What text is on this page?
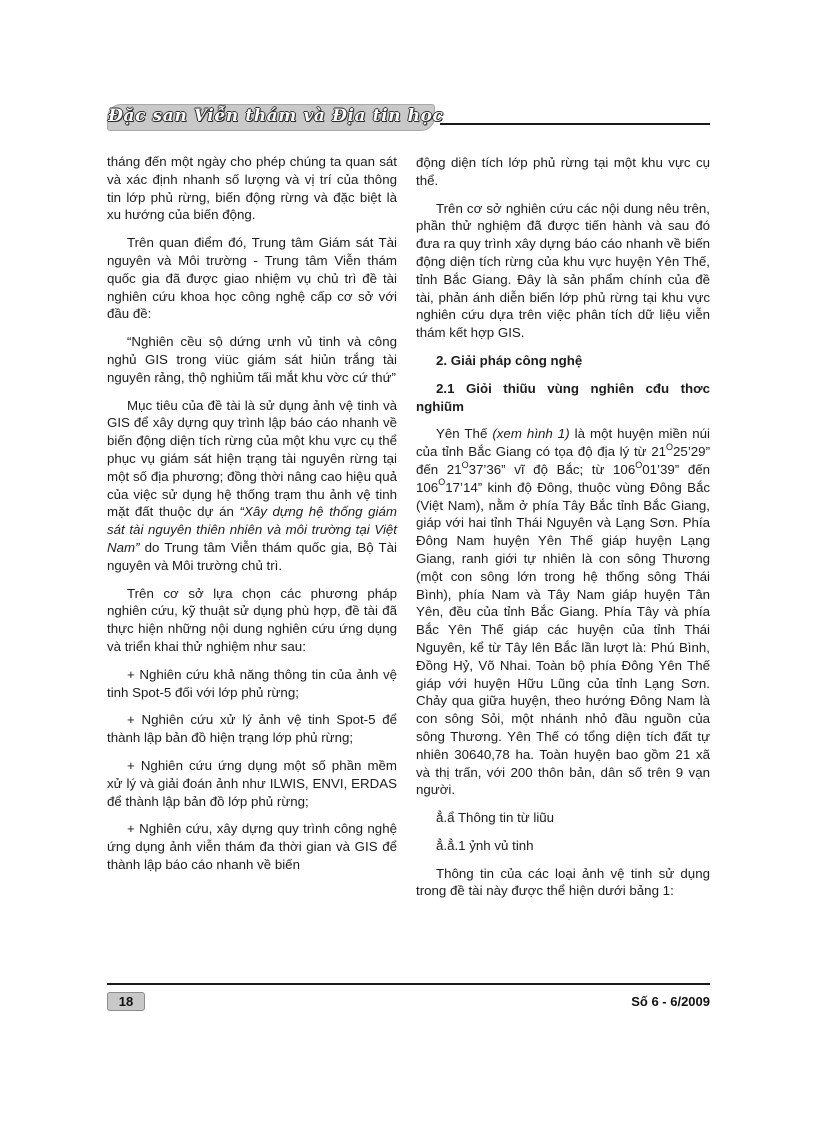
Đặc san Viễn thám và Địa tin học

tháng đến một ngày cho phép chúng ta quan sát và xác định nhanh số lượng và vị trí của thông tin lớp phủ rừng, biến động rừng và đặc biệt là xu hướng của biến động.

Trên quan điểm đó, Trung tâm Giám sát Tài nguyên và Môi trường - Trung tâm Viễn thám quốc gia đã được giao nhiệm vụ chủ trì đề tài nghiên cứu khoa học công nghệ cấp cơ sở với đầu đề:

“Nghiên cều sộ dứng ưnh vủ tinh và công nghủ GIS trong viüc giám sát hiủn trắng tài nguyên rảng, thộ nghiủm tấi mắt khu vờc cứ thứ”

Mục tiêu của đề tài là sử dụng ảnh vệ tinh và GIS để xây dựng quy trình lập báo cáo nhanh về biến động diện tích rừng của một khu vực cụ thể phục vụ giám sát hiện trạng tài nguyên rừng tại một số địa phương; đồng thời nâng cao hiệu quả của việc sử dụng hệ thống trạm thu ảnh vệ tinh mặt đất thuộc dự án “Xây dựng hệ thống giám sát tài nguyên thiên nhiên và môi trường tại Việt Nam” do Trung tâm Viễn thám quốc gia, Bộ Tài nguyên và Môi trường chủ trì.

Trên cơ sở lựa chọn các phương pháp nghiên cứu, kỹ thuật sử dụng phù hợp, đề tài đã thực hiện những nội dung nghiên cứu ứng dụng và triển khai thử nghiệm như sau:

+ Nghiên cứu khả năng thông tin của ảnh vệ tinh Spot-5 đối với lớp phủ rừng;

+ Nghiên cứu xử lý ảnh vệ tinh Spot-5 để thành lập bản đồ hiện trạng lớp phủ rừng;

+ Nghiên cứu ứng dụng một số phần mềm xử lý và giải đoán ảnh như ILWIS, ENVI, ERDAS để thành lập bản đồ lớp phủ rừng;

+ Nghiên cứu, xây dựng quy trình công nghệ ứng dụng ảnh viễn thám đa thời gian và GIS để thành lập báo cáo nhanh về biến

động diện tích lớp phủ rừng tại một khu vực cụ thể.

Trên cơ sở nghiên cứu các nội dung nêu trên, phần thử nghiệm đã được tiến hành và sau đó đưa ra quy trình xây dựng báo cáo nhanh về biến động diện tích rừng của khu vực huyện Yên Thế, tỉnh Bắc Giang. Đây là sản phẩm chính của đề tài, phản ánh diễn biến lớp phủ rừng tại khu vực nghiên cứu dựa trên việc phân tích dữ liệu viễn thám kết hợp GIS.

2. Giải pháp công nghệ
2.1 Giỏi thiũu vùng nghiên cđu thơc nghiũm

Yên Thế (xem hình 1) là một huyện miền núi của tỉnh Bắc Giang có tọa độ địa lý từ $21^O25’29$” đến $21^O37’36$” vĩ độ Bắc; từ $106^O01’39$” đến $106^O17’14$” kinh độ Đông, thuộc vùng Đông Bắc (Việt Nam), nằm ở phía Tây Bắc tỉnh Bắc Giang, giáp với hai tỉnh Thái Nguyên và Lạng Sơn. Phía Đông Nam huyện Yên Thế giáp huyện Lạng Giang, ranh giới tự nhiên là con sông Thương (một con sông lớn trong hệ thống sông Thái Bình), phía Nam và Tây Nam giáp huyện Tân Yên, đều của tỉnh Bắc Giang. Phía Tây và phía Bắc Yên Thế giáp các huyện của tỉnh Thái Nguyên, kể từ Tây lên Bắc lần lượt là: Phú Bình, Đồng Hỷ, Võ Nhai. Toàn bộ phía Đông Yên Thế giáp với huyện Hữu Lũng của tỉnh Lạng Sơn. Chảy qua giữa huyện, theo hướng Đông Nam là con sông Sỏi, một nhánh nhỏ đầu nguồn của sông Thương. Yên Thế có tổng diện tích đất tự nhiên 30640,78 ha. Toàn huyện bao gồm 21 xã và thị trấn, với 200 thôn bản, dân số trên 9 vạn người.

ẳ.ẩ Thông tin từ liũu

ẳ.ẳ.1 ỷnh vủ tinh

Thông tin của các loại ảnh vệ tinh sử dụng trong đề tài này được thể hiện dưới bảng 1:

18	Số 6 - 6/2009
